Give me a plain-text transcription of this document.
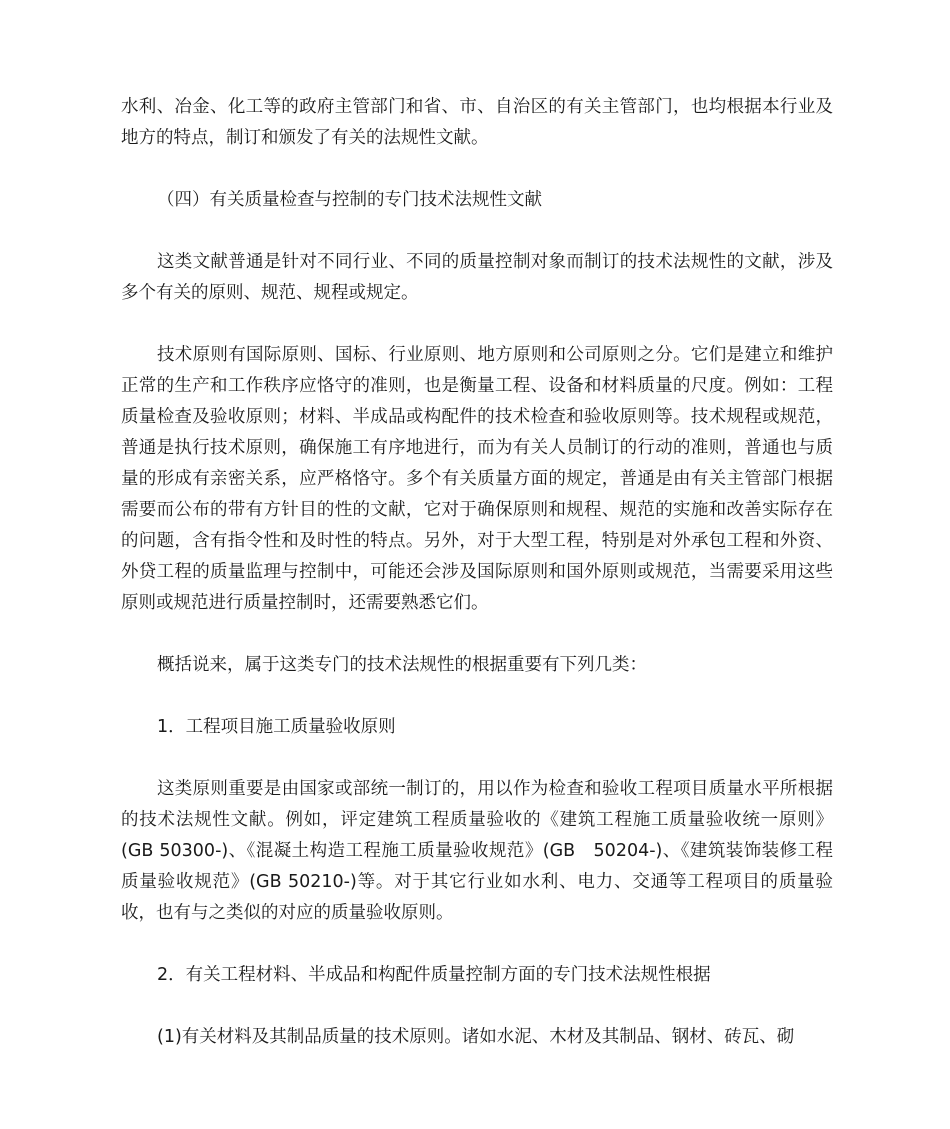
水利、冶金、化工等的政府主管部门和省、市、自治区的有关主管部门，也均根据本行业及地方的特点，制订和颁发了有关的法规性文献。

（四）有关质量检查与控制的专门技术法规性文献

这类文献普通是针对不同行业、不同的质量控制对象而制订的技术法规性的文献，涉及多个有关的原则、规范、规程或规定。

技术原则有国际原则、国标、行业原则、地方原则和公司原则之分。它们是建立和维护正常的生产和工作秩序应恪守的准则，也是衡量工程、设备和材料质量的尺度。例如：工程质量检查及验收原则；材料、半成品或构配件的技术检查和验收原则等。技术规程或规范，普通是执行技术原则，确保施工有序地进行，而为有关人员制订的行动的准则，普通也与质量的形成有亲密关系，应严格恪守。多个有关质量方面的规定，普通是由有关主管部门根据需要而公布的带有方针目的性的文献，它对于确保原则和规程、规范的实施和改善实际存在的问题，含有指令性和及时性的特点。另外，对于大型工程，特别是对外承包工程和外资、外贷工程的质量监理与控制中，可能还会涉及国际原则和国外原则或规范，当需要采用这些原则或规范进行质量控制时，还需要熟悉它们。

概括说来，属于这类专门的技术法规性的根据重要有下列几类：

1．工程项目施工质量验收原则

这类原则重要是由国家或部统一制订的，用以作为检查和验收工程项目质量水平所根据的技术法规性文献。例如，评定建筑工程质量验收的《建筑工程施工质量验收统一原则》(GB 50300-)、《混凝土构造工程施工质量验收规范》(GB　50204-)、《建筑装饰装修工程质量验收规范》(GB 50210-)等。对于其它行业如水利、电力、交通等工程项目的质量验收，也有与之类似的对应的质量验收原则。

2．有关工程材料、半成品和构配件质量控制方面的专门技术法规性根据

(1)有关材料及其制品质量的技术原则。诸如水泥、木材及其制品、钢材、砖瓦、砌
